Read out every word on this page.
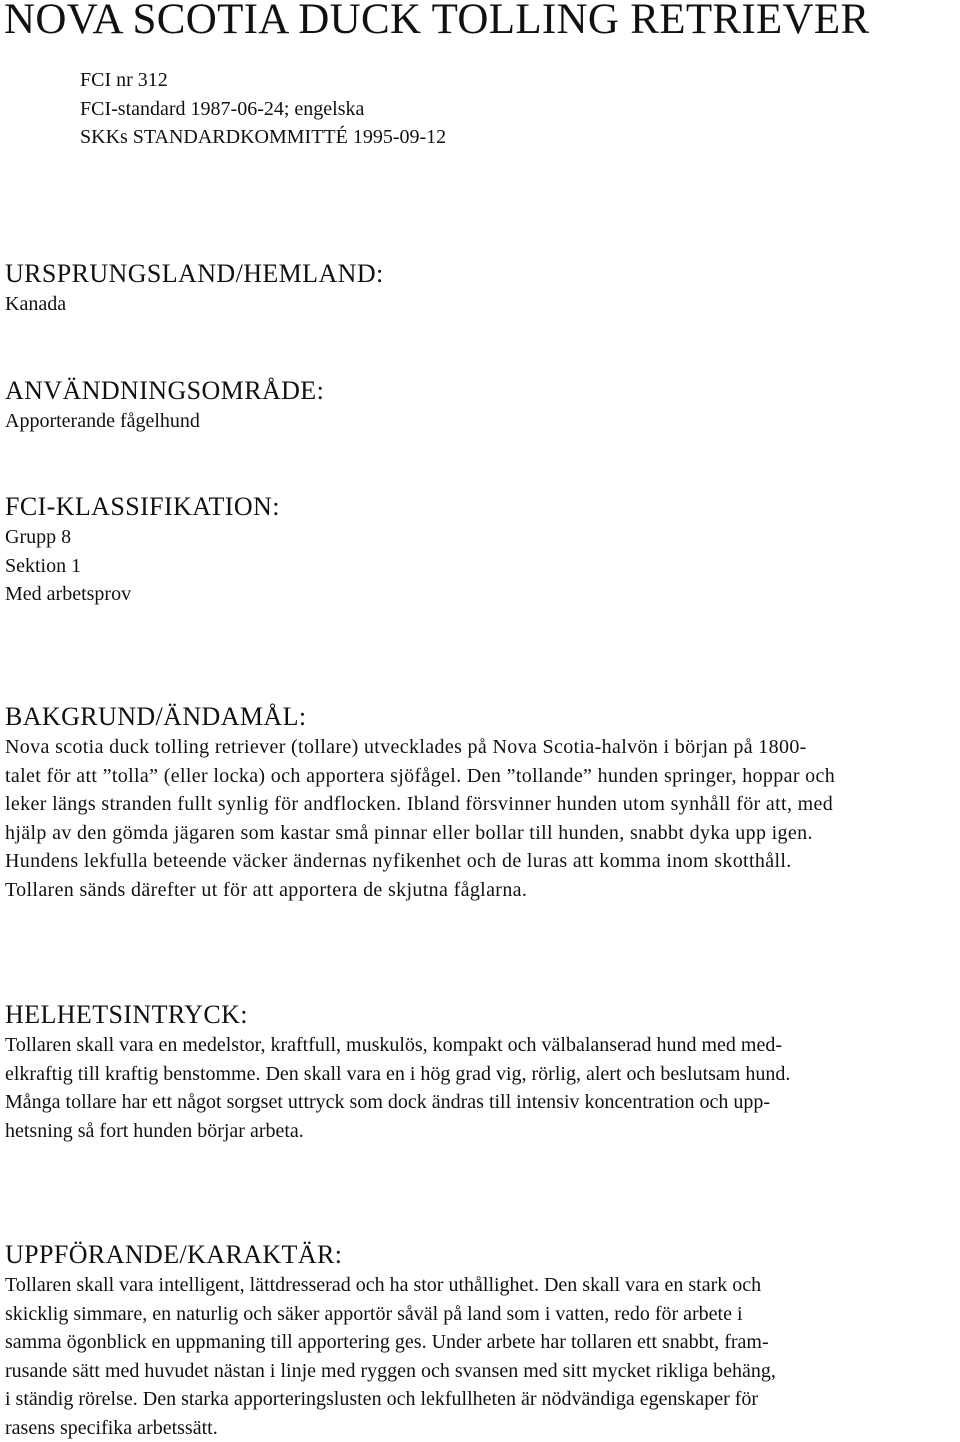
NOVA SCOTIA DUCK TOLLING RETRIEVER
FCI nr 312
FCI-standard 1987-06-24; engelska
SKKs STANDARDKOMMITTÉ 1995-09-12
URSPRUNGSLAND/HEMLAND:
Kanada
ANVÄNDNINGSOMRÅDE:
Apporterande fågelhund
FCI-KLASSIFIKATION:
Grupp 8
Sektion 1
Med arbetsprov
BAKGRUND/ÄNDAMÅL:
Nova scotia duck tolling retriever (tollare) utvecklades på Nova Scotia-halvön i början på 1800-
talet för att ”tolla” (eller locka) och apportera sjöfågel. Den ”tollande” hunden springer, hoppar och
leker längs stranden fullt synlig för andflocken. Ibland försvinner hunden utom synhåll för att, med
hjälp av den gömda jägaren som kastar små pinnar eller bollar till hunden, snabbt dyka upp igen.
Hundens lekfulla beteende väcker ändernas nyfikenhet och de luras att komma inom skotthåll.
Tollaren sänds därefter ut för att apportera de skjutna fåglarna.
HELHETSINTRYCK:
Tollaren skall vara en medelstor, kraftfull, muskulös, kompakt och välbalanserad hund med med-
elkraftig till kraftig benstomme. Den skall vara en i hög grad vig, rörlig, alert och beslutsam hund.
Många tollare har ett något sorgset uttryck som dock ändras till intensiv koncentration och upp-
hetsning så fort hunden börjar arbeta.
UPPFÖRANDE/KARAKTÄR:
Tollaren skall vara intelligent, lättdresserad och ha stor uthållighet. Den skall vara en stark och
skicklig simmare, en naturlig och säker apportör såväl på land som i vatten, redo för arbete i
samma ögonblick en uppmaning till apportering ges. Under arbete har tollaren ett snabbt, fram-
rusande sätt med huvudet nästan i linje med ryggen och svansen med sitt mycket rikliga behäng,
i ständig rörelse. Den starka apporteringslusten och lekfullheten är nödvändiga egenskaper för
rasens specifika arbetssätt.
